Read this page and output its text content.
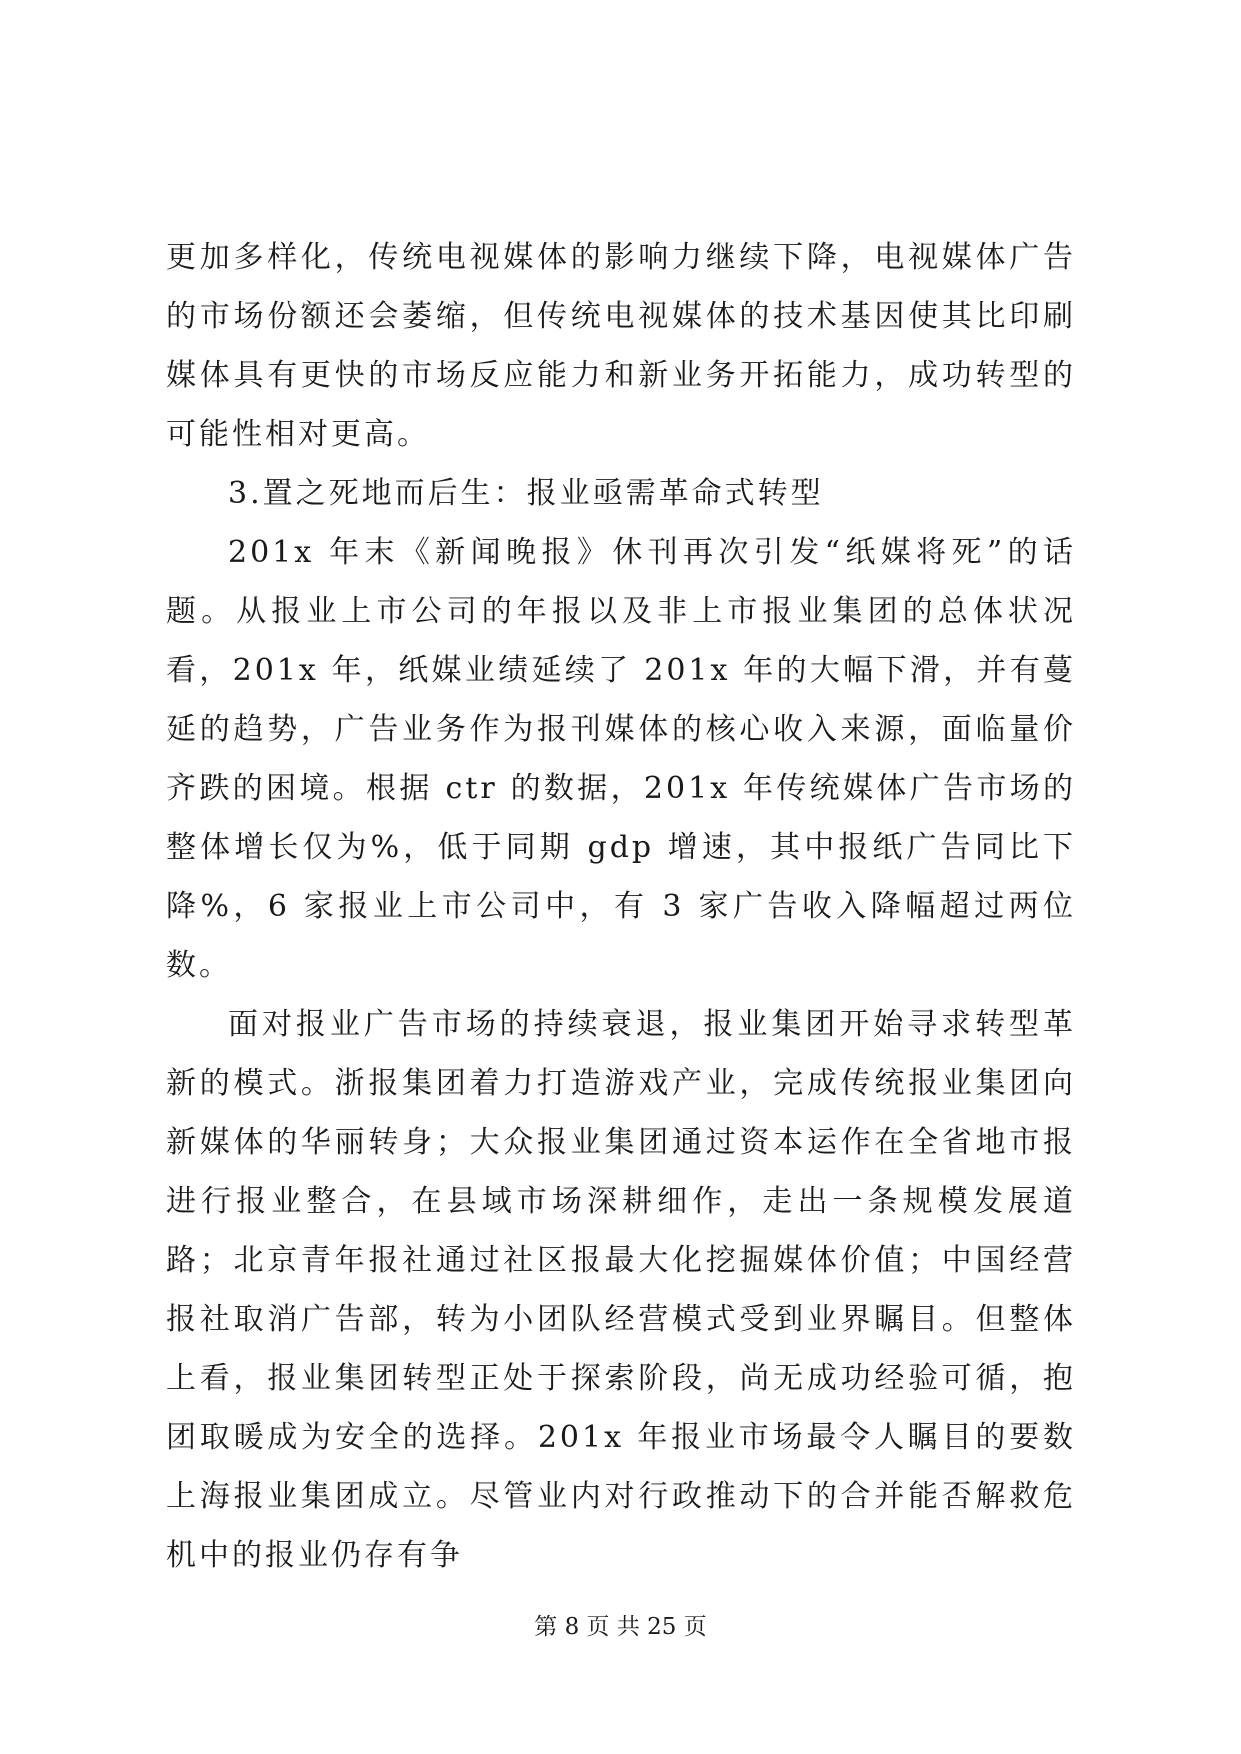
更加多样化，传统电视媒体的影响力继续下降，电视媒体广告的市场份额还会萎缩，但传统电视媒体的技术基因使其比印刷媒体具有更快的市场反应能力和新业务开拓能力，成功转型的可能性相对更高。

3.置之死地而后生：报业亟需革命式转型

201x 年末《新闻晚报》休刊再次引发“纸媒将死”的话题。从报业上市公司的年报以及非上市报业集团的总体状况看，201x 年，纸媒业绩延续了 201x 年的大幅下滑，并有蔓延的趋势，广告业务作为报刊媒体的核心收入来源，面临量价齐跌的困境。根据 ctr 的数据，201x 年传统媒体广告市场的整体增长仅为%，低于同期 gdp 增速，其中报纸广告同比下降%，6 家报业上市公司中，有 3 家广告收入降幅超过两位数。

面对报业广告市场的持续衰退，报业集团开始寻求转型革新的模式。浙报集团着力打造游戏产业，完成传统报业集团向新媒体的华丽转身；大众报业集团通过资本运作在全省地市报进行报业整合，在县域市场深耕细作，走出一条规模发展道路；北京青年报社通过社区报最大化挖掘媒体价值；中国经营报社取消广告部，转为小团队经营模式受到业界瞩目。但整体上看，报业集团转型正处于探索阶段，尚无成功经验可循，抱团取暖成为安全的选择。201x 年报业市场最令人瞩目的要数上海报业集团成立。尽管业内对行政推动下的合并能否解救危机中的报业仍存有争

第 8 页 共 25 页
